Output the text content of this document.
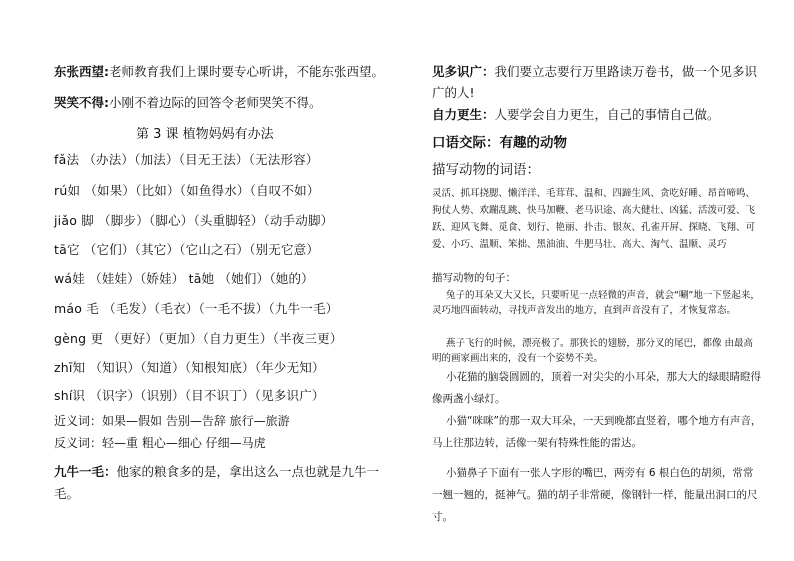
东张西望:老师教育我们上课时要专心听讲，不能东张西望。
哭笑不得:小刚不着边际的回答令老师哭笑不得。
第 3 课 植物妈妈有办法
fǎ法 （办法）（加法）（目无王法）（无法形容）
rú如 （如果）（比如）（如鱼得水）（自叹不如）
jiǎo 脚 （脚步）（脚心）（头重脚轻）（动手动脚）
tā它 （它们）（其它）（它山之石）（别无它意）
wá娃 （娃娃）（娇娃） tā她 （她们）（她的）
máo 毛 （毛发）（毛衣）（一毛不拔）（九牛一毛）
gèng 更 （更好）（更加）（自力更生）（半夜三更）
zhī知 （知识）（知道）（知根知底）（年少无知）
shí识 （识字）（识别）（目不识丁）（见多识广）
近义词：如果—假如 告别—告辞 旅行—旅游
反义词：轻—重 粗心—细心 仔细—马虎
九牛一毛：他家的粮食多的是，拿出这么一点也就是九牛一
毛。
见多识广：我们要立志要行万里路读万卷书，做一个见多识
广的人!
自力更生：人要学会自力更生，自己的事情自己做。
口语交际：有趣的动物
描写动物的词语：
灵活、抓耳挠腮、懒洋洋、毛茸茸、温和、四蹄生风、贪吃好睡、昂首啼鸣、狗仗人势、欢蹦乱跳、快马加鞭、老马识途、高大健壮、凶猛、活泼可爱、飞跃、迎风飞舞、觅食、划行、艳丽、扑击、银灰、孔雀开屏、探晓、飞翔、可爱、小巧、温顺、笨拙、黑油油、牛肥马壮、高大、淘气、温顺、灵巧
描写动物的句子：
兔子的耳朵又大又长，只要听见一点轻微的声音，就会“唰”地一下竖起来，灵巧地四面转动，寻找声音发出的地方，直到声音没有了，才恢复常态。
燕子飞行的时候，漂亮极了。那狭长的翅膀，那分叉的尾巴，都像 由最高明的画家画出来的，没有一个姿势不美。
小花猫的脑袋圆圆的，顶着一对尖尖的小耳朵，那大大的绿眼睛瞪得像两盏小绿灯。
小猫“咪咪”的那一双大耳朵，一天到晚都直竖着，哪个地方有声音，马上往那边转，活像一架有特殊性能的雷达。
小猫鼻子下面有一张人字形的嘴巴，两旁有 6 根白色的胡须，常常一翘一翘的，挺神气。猫的胡子非常硬，像钢针一样，能量出洞口的尺寸。
